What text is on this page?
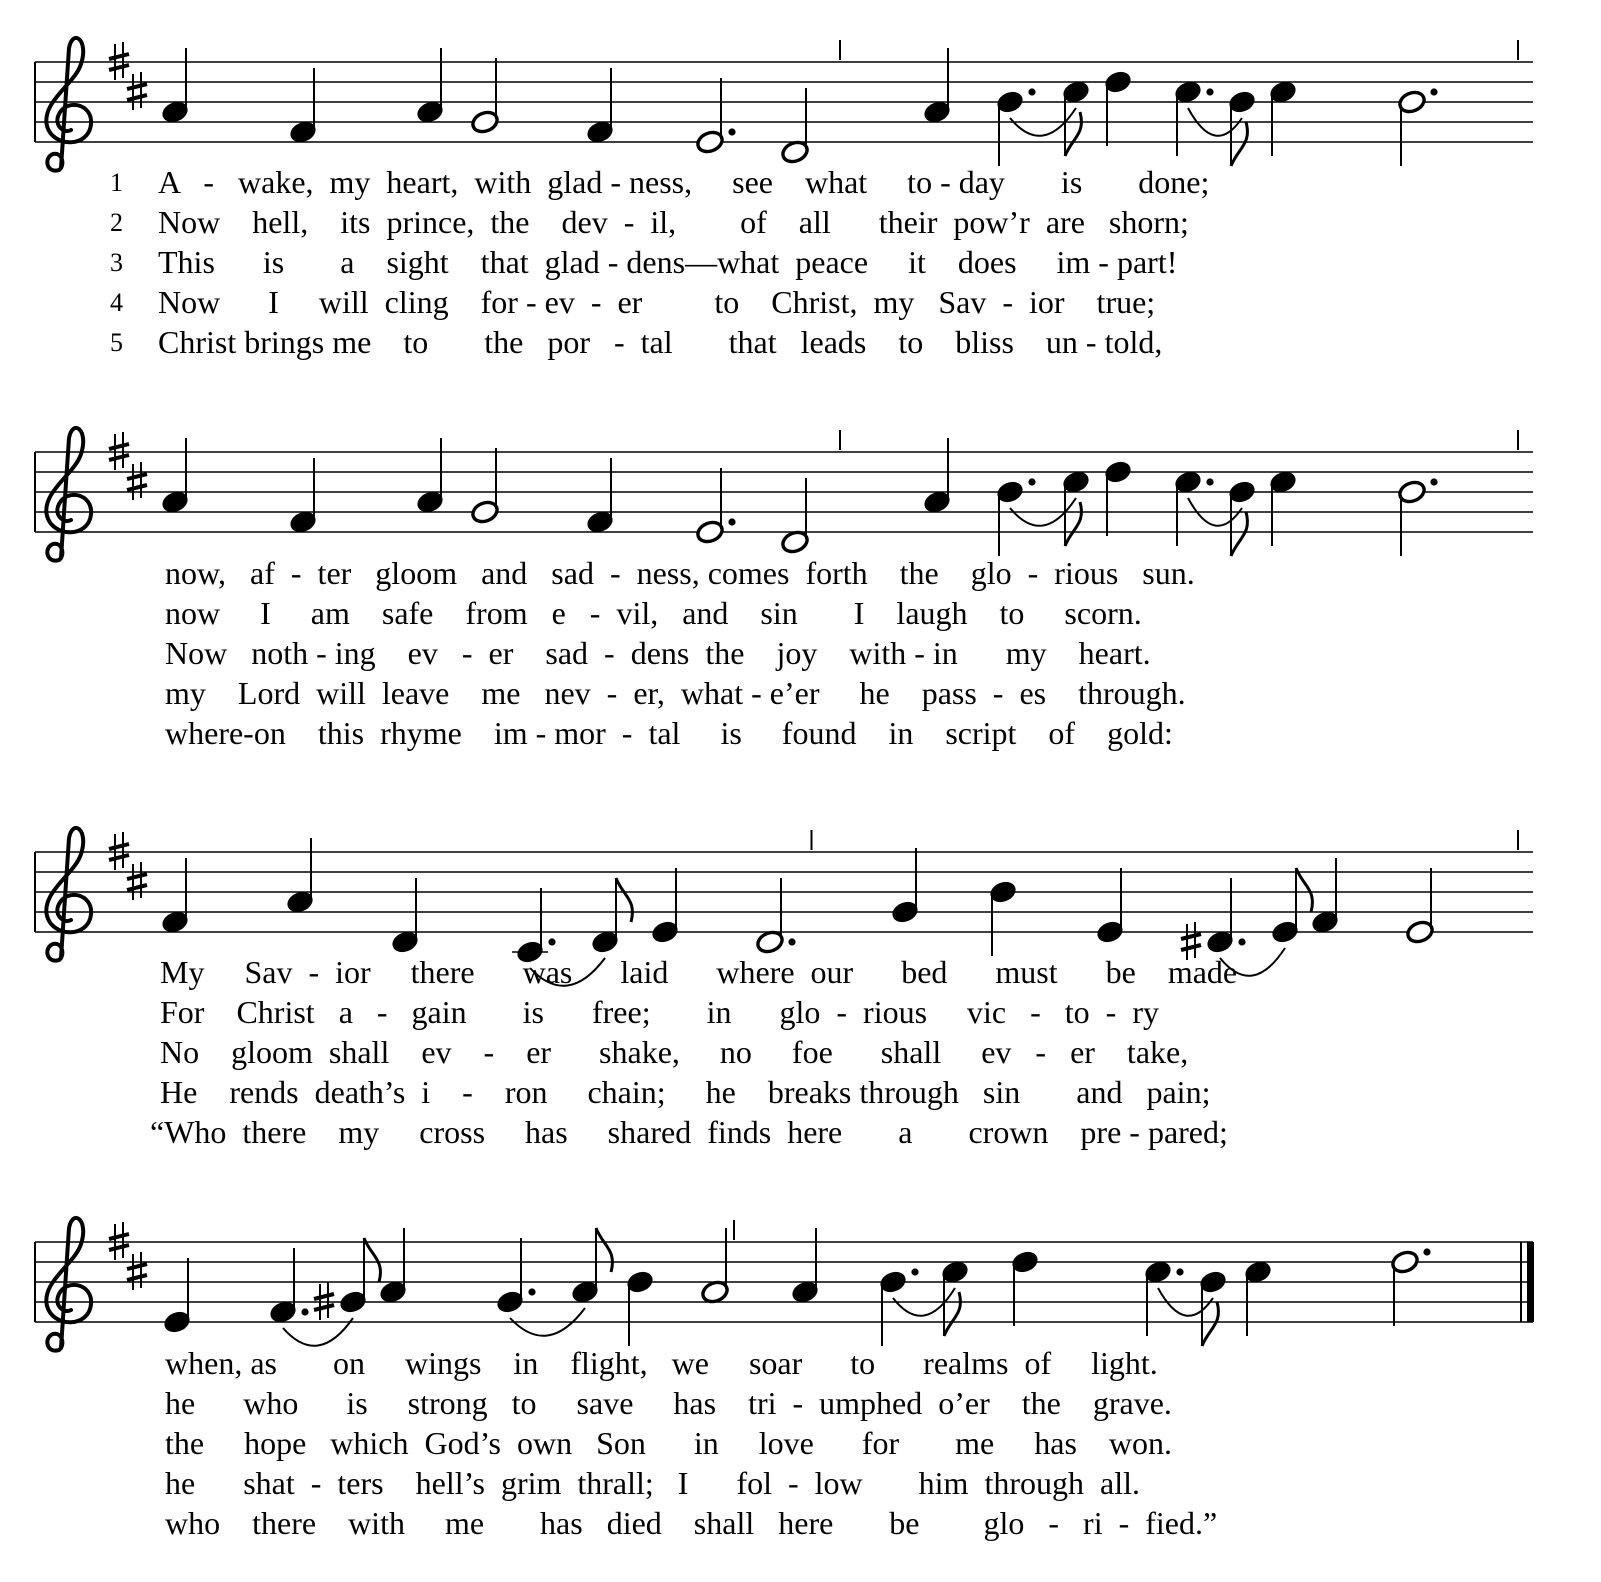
1
2
3
4
5
A   -   wake,  my  heart,  with  glad - ness,     see    what     to - day       is       done;
Now    hell,    its  prince,  the    dev  -  il,        of    all      their  pow’r  are   shorn;
This      is       a    sight    that  glad - dens—what  peace     it    does     im - part!
Now      I     will  cling    for - ev  -  er         to    Christ,  my   Sav  -  ior    true;
Christ brings me    to       the   por   -  tal       that   leads    to    bliss    un - told,
now,   af  -  ter   gloom   and   sad  -  ness, comes  forth    the    glo  -  rious   sun.
now     I     am    safe    from   e   -  vil,   and    sin       I    laugh    to     scorn.
Now   noth - ing    ev   -  er    sad  -  dens  the    joy    with - in      my    heart.
my    Lord  will  leave    me   nev  -  er,  what - e’er     he    pass  -  es    through.
where-on    this  rhyme    im - mor  -  tal     is     found    in    script    of    gold:
My     Sav  -  ior     there      was      laid      where  our      bed      must      be    made
For    Christ   a   -   gain       is      free;       in      glo  -  rious     vic   -   to  -  ry
No    gloom  shall    ev    -    er      shake,     no     foe      shall     ev   -   er    take,
He    rends  death’s  i    -    ron     chain;     he    breaks through   sin       and   pain;
“Who  there    my     cross     has     shared  finds  here       a       crown    pre - pared;
when, as       on     wings    in    flight,   we     soar      to      realms  of     light.
he      who      is     strong   to     save     has    tri  -  umphed  o’er    the    grave.
the     hope   which  God’s  own   Son      in     love      for       me     has    won.
he      shat  -  ters    hell’s  grim  thrall;   I      fol  -  low       him  through  all.
who    there    with     me       has   died    shall   here       be        glo   -   ri  -  fied.”
